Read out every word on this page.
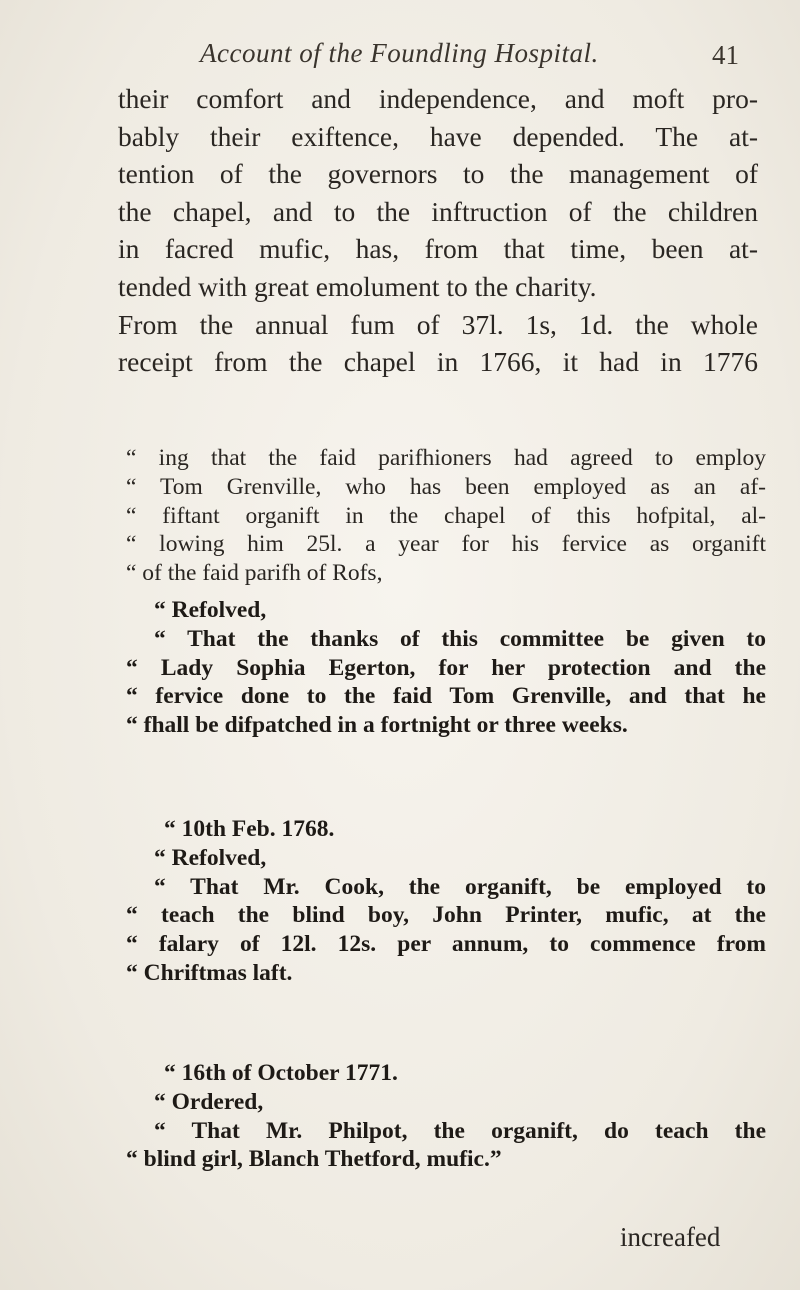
Account of the Foundling Hospital.	41
their comfort and independence, and moft pro-
bably their exiftence, have depended. The at-
tention of the governors to the management of
the chapel, and to the inftruction of the children
in facred mufic, has, from that time, been at-
tended with great emolument to the charity.
From the annual fum of 37l. 1s, 1d. the whole
receipt from the chapel in 1766, it had in 1776
“ ing that the faid parifhioners had agreed to employ
“ Tom Grenville, who has been employed as an af-
“ fiftant organift in the chapel of this hofpital, al-
“ lowing him 25l. a year for his fervice as organift
“ of the faid parifh of Rofs,
“ Refolved,
“ That the thanks of this committee be given to
“ Lady Sophia Egerton, for her protection and the
“ fervice done to the faid Tom Grenville, and that he
“ fhall be difpatched in a fortnight or three weeks.
“ 10th Feb. 1768.
“ Refolved,
“ That Mr. Cook, the organift, be employed to
“ teach the blind boy, John Printer, mufic, at the
“ falary of 12l. 12s. per annum, to commence from
“ Chriftmas laft.
“ 16th of October 1771.
“ Ordered,
“ That Mr. Philpot, the organift, do teach the
“ blind girl, Blanch Thetford, mufic.”
increafed
